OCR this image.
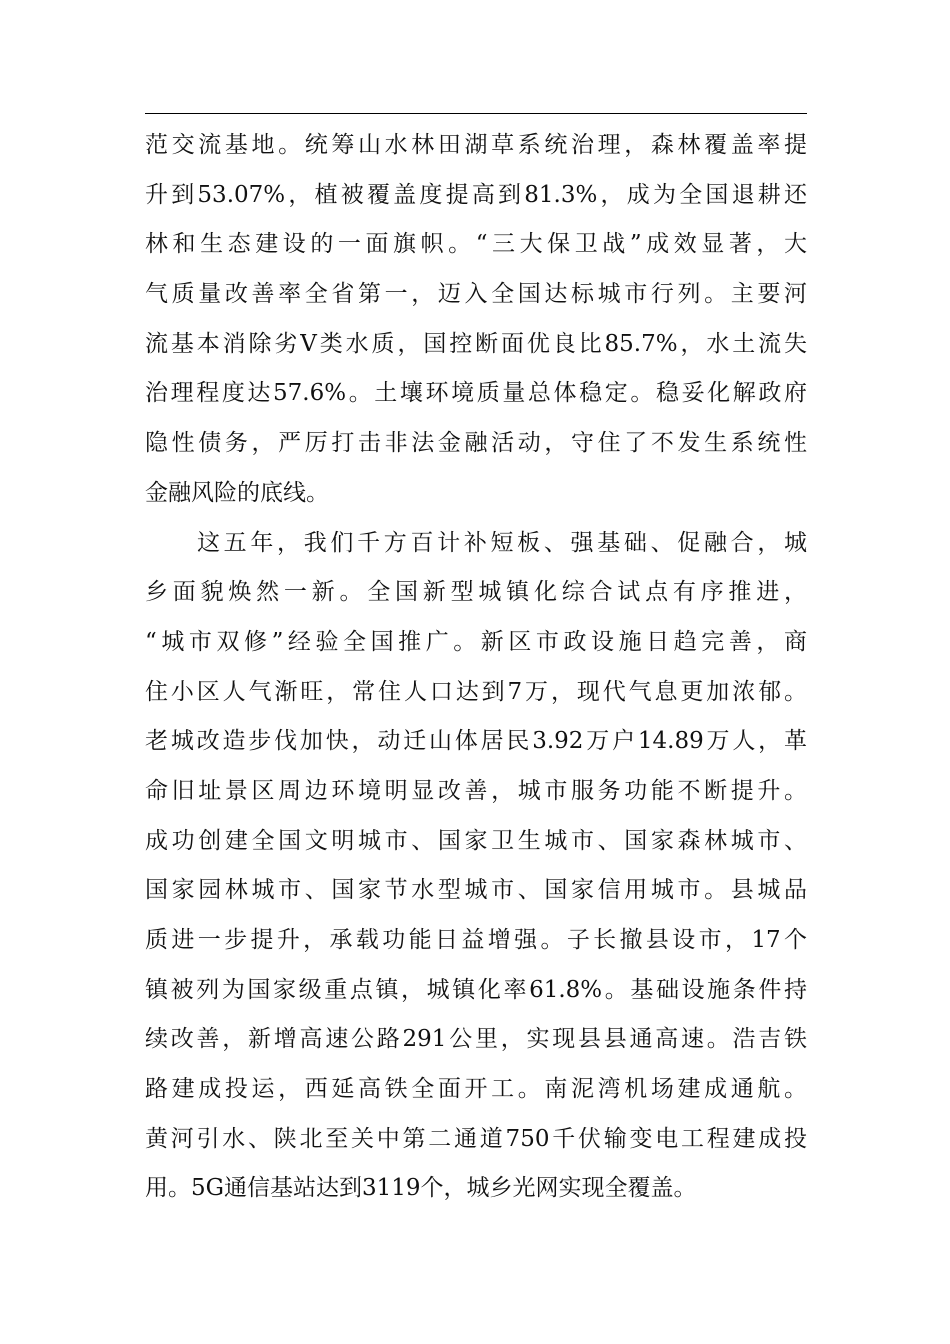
范交流基地。统筹山水林田湖草系统治理，森林覆盖率提
升到53.07%，植被覆盖度提高到81.3%，成为全国退耕还
林和生态建设的一面旗帜。“三大保卫战”成效显著，大
气质量改善率全省第一，迈入全国达标城市行列。主要河
流基本消除劣V类水质，国控断面优良比85.7%，水土流失
治理程度达57.6%。土壤环境质量总体稳定。稳妥化解政府
隐性债务，严厉打击非法金融活动，守住了不发生系统性
金融风险的底线。
这五年，我们千方百计补短板、强基础、促融合，城
乡面貌焕然一新。全国新型城镇化综合试点有序推进，
“城市双修”经验全国推广。新区市政设施日趋完善，商
住小区人气渐旺，常住人口达到7万，现代气息更加浓郁。
老城改造步伐加快，动迁山体居民3.92万户14.89万人，革
命旧址景区周边环境明显改善，城市服务功能不断提升。
成功创建全国文明城市、国家卫生城市、国家森林城市、
国家园林城市、国家节水型城市、国家信用城市。县城品
质进一步提升，承载功能日益增强。子长撤县设市，17个
镇被列为国家级重点镇，城镇化率61.8%。基础设施条件持
续改善，新增高速公路291公里，实现县县通高速。浩吉铁
路建成投运，西延高铁全面开工。南泥湾机场建成通航。
黄河引水、陕北至关中第二通道750千伏输变电工程建成投
用。5G通信基站达到3119个，城乡光网实现全覆盖。
